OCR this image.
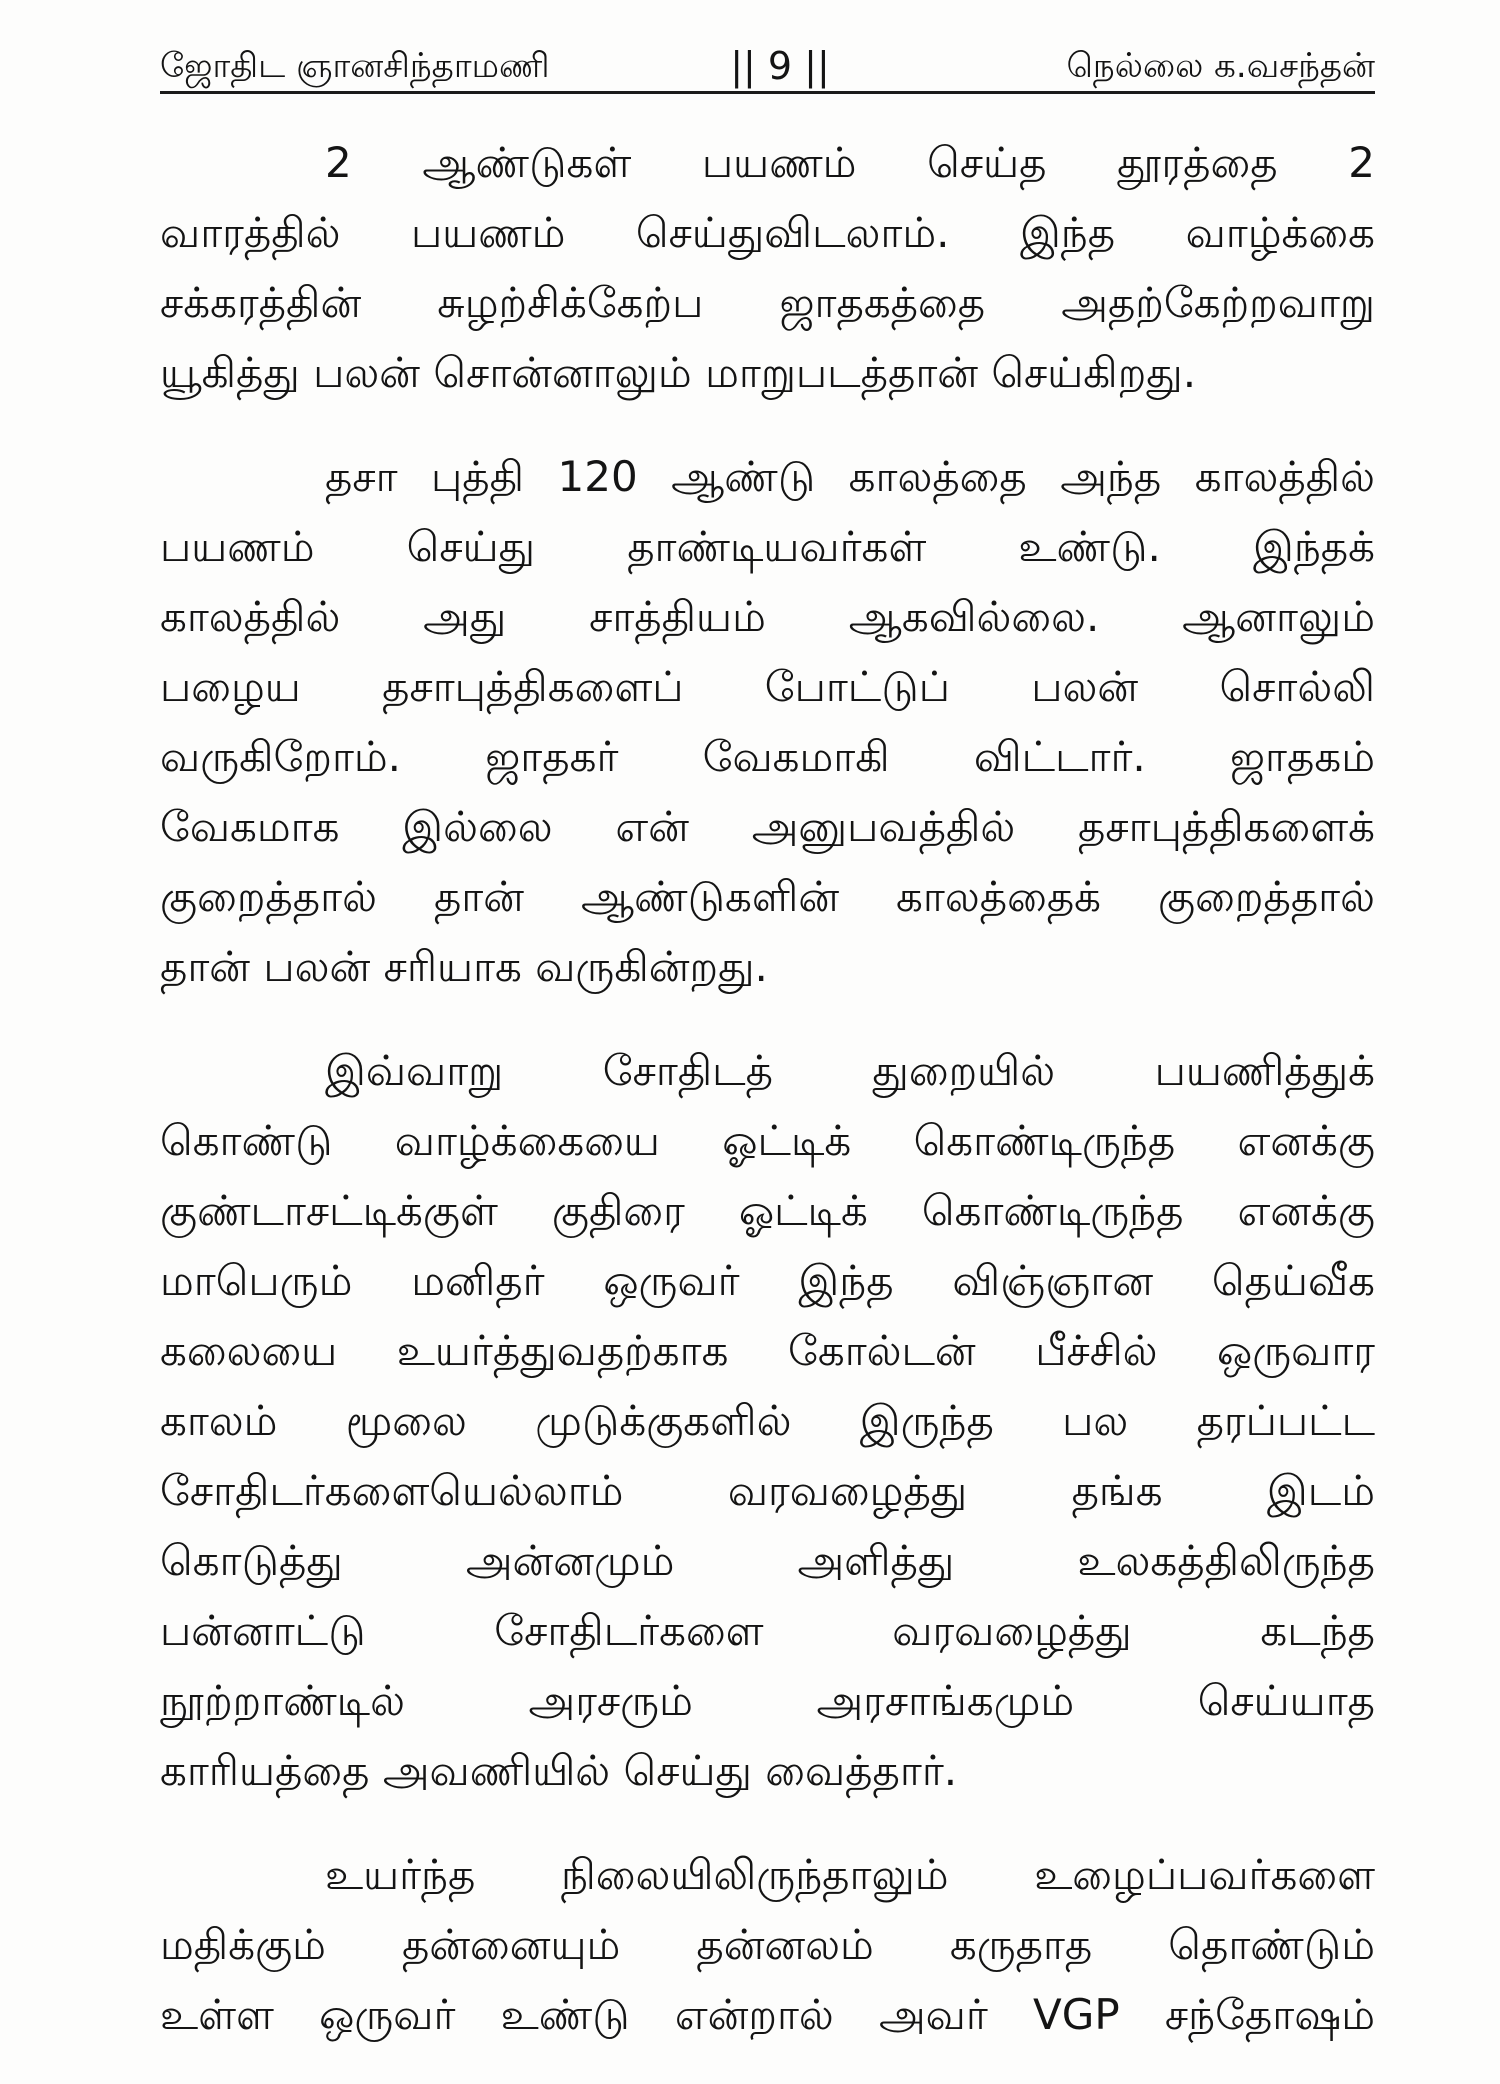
ஜோதிட ஞானசிந்தாமணி	|| 9 ||	நெல்லை க.வசந்தன்
2 ஆண்டுகள் பயணம் செய்த தூரத்தை 2
வாரத்தில் பயணம் செய்துவிடலாம். இந்த வாழ்க்கை
சக்கரத்தின் சுழற்சிக்கேற்ப ஜாதகத்தை அதற்கேற்றவாறு
யூகித்து பலன் சொன்னாலும் மாறுபடத்தான் செய்கிறது.
தசா புத்தி 120 ஆண்டு காலத்தை அந்த காலத்தில்
பயணம் செய்து தாண்டியவர்கள் உண்டு. இந்தக்
காலத்தில் அது சாத்தியம் ஆகவில்லை. ஆனாலும்
பழைய தசாபுத்திகளைப் போட்டுப் பலன் சொல்லி
வருகிறோம். ஜாதகர் வேகமாகி விட்டார். ஜாதகம்
வேகமாக இல்லை என் அனுபவத்தில் தசாபுத்திகளைக்
குறைத்தால் தான் ஆண்டுகளின் காலத்தைக் குறைத்தால்
தான் பலன் சரியாக வருகின்றது.
இவ்வாறு சோதிடத் துறையில் பயணித்துக்
கொண்டு வாழ்க்கையை ஓட்டிக் கொண்டிருந்த எனக்கு
குண்டாசட்டிக்குள் குதிரை ஓட்டிக் கொண்டிருந்த எனக்கு
மாபெரும் மனிதர் ஒருவர் இந்த விஞ்ஞான தெய்வீக
கலையை உயர்த்துவதற்காக கோல்டன் பீச்சில் ஒருவார
காலம் மூலை முடுக்குகளில் இருந்த பல தரப்பட்ட
சோதிடர்களையெல்லாம் வரவழைத்து தங்க இடம்
கொடுத்து அன்னமும் அளித்து உலகத்திலிருந்த
பன்னாட்டு சோதிடர்களை வரவழைத்து கடந்த
நூற்றாண்டில் அரசரும் அரசாங்கமும் செய்யாத
காரியத்தை அவணியில் செய்து வைத்தார்.
உயர்ந்த நிலையிலிருந்தாலும் உழைப்பவர்களை
மதிக்கும் தன்னையும் தன்னலம் கருதாத தொண்டும்
உள்ள ஒருவர் உண்டு என்றால் அவர் VGP சந்தோஷம்
